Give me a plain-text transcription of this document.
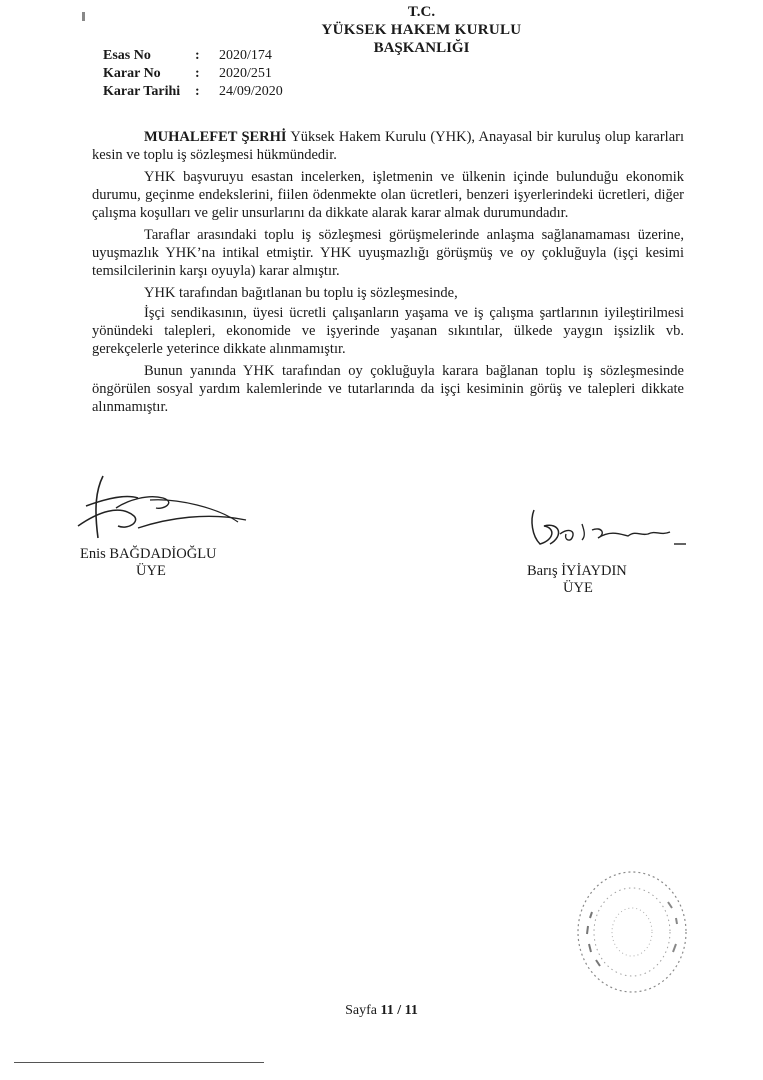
T.C.
YÜKSEK HAKEM KURULU
BAŞKANLIĞI
Esas No	:	2020/174
Karar No	:	2020/251
Karar Tarihi	:	24/09/2020

MUHALEFET ŞERHİ Yüksek Hakem Kurulu (YHK), Anayasal bir kuruluş olup kararları kesin ve toplu iş sözleşmesi hükmündedir.

YHK başvuruyu esastan incelerken, işletmenin ve ülkenin içinde bulunduğu ekonomik durumu, geçinme endekslerini, fiilen ödenmekte olan ücretleri, benzeri işyerlerindeki ücretleri, diğer çalışma koşulları ve gelir unsurlarını da dikkate alarak karar almak durumundadır.

Taraflar arasındaki toplu iş sözleşmesi görüşmelerinde anlaşma sağlanamaması üzerine, uyuşmazlık YHK’na intikal etmiştir. YHK uyuşmazlığı görüşmüş ve oy çokluğuyla (işçi kesimi temsilcilerinin karşı oyuyla) karar almıştır.

YHK tarafından bağıtlanan bu toplu iş sözleşmesinde,

İşçi sendikasının, üyesi ücretli çalışanların yaşama ve iş çalışma şartlarının iyileştirilmesi yönündeki talepleri, ekonomide ve işyerinde yaşanan sıkıntılar, ülkede yaygın işsizlik vb. gerekçelerle yeterince dikkate alınmamıştır.

Bunun yanında YHK tarafından oy çokluğuyla karara bağlanan toplu iş sözleşmesinde öngörülen sosyal yardım kalemlerinde ve tutarlarında da işçi kesiminin görüş ve talepleri dikkate alınmamıştır.

Enis BAĞDADİOĞLU
ÜYE	Barış İYİAYDIN
ÜYE
Sayfa 11 / 11
